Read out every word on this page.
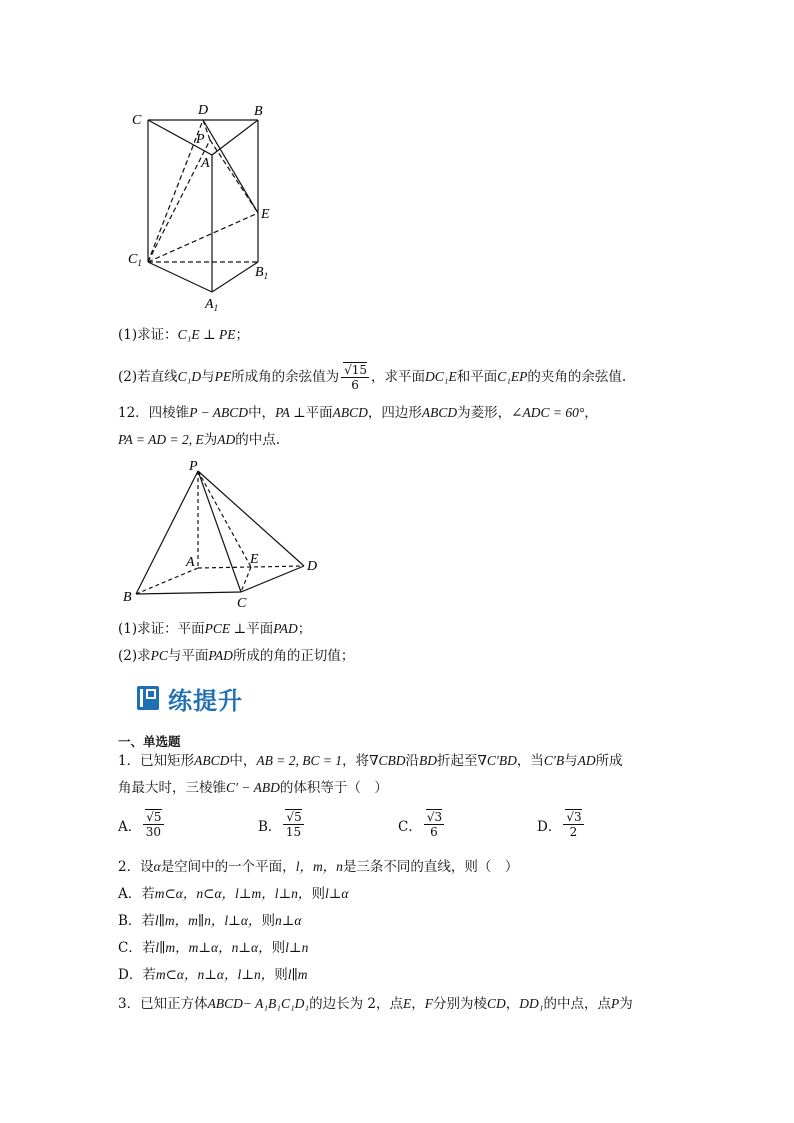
C
D	B
P
A
E
$C_1$
$B_1$
$A_1$
(1)求证：C₁E ⊥ PE；
(2)若直线C₁D与PE所成角的余弦值为 $\frac{√15}{6}$ ，求平面DC₁E和平面C₁EP的夹角的余弦值.
12．四棱锥P − ABCD中，PA ⊥平面ABCD，四边形ABCD为菱形，∠ADC = 60°，
PA = AD = 2, E为AD的中点.
P
A	E	D
B	C
(1)求证：平面PCE ⊥平面PAD；
(2)求PC与平面PAD所成的角的正切值；
练提升
一、单选题
1．已知矩形ABCD中，AB = 2, BC = 1，将∇CBD沿BD折起至∇C′BD，当C′B与AD所成
角最大时，三棱锥C′ − ABD的体积等于（　）
A． $\frac{√5}{30}$	B． $\frac{√5}{15}$	C． $\frac{√3}{6}$	D． $\frac{√3}{2}$
2．设α是空间中的一个平面，l，m，n是三条不同的直线，则（　）
A．若m⊂α，n⊂α，l⊥m，l⊥n，则l⊥α
B．若l∥m，m∥n，l⊥α，则n⊥α
C．若l∥m，m⊥α，n⊥α，则l⊥n
D．若m⊂α，n⊥α，l⊥n，则l∥m
3．已知正方体ABCD− A₁B₁C₁D₁的边长为 2，点E，F分别为棱CD，DD₁的中点，点P为
